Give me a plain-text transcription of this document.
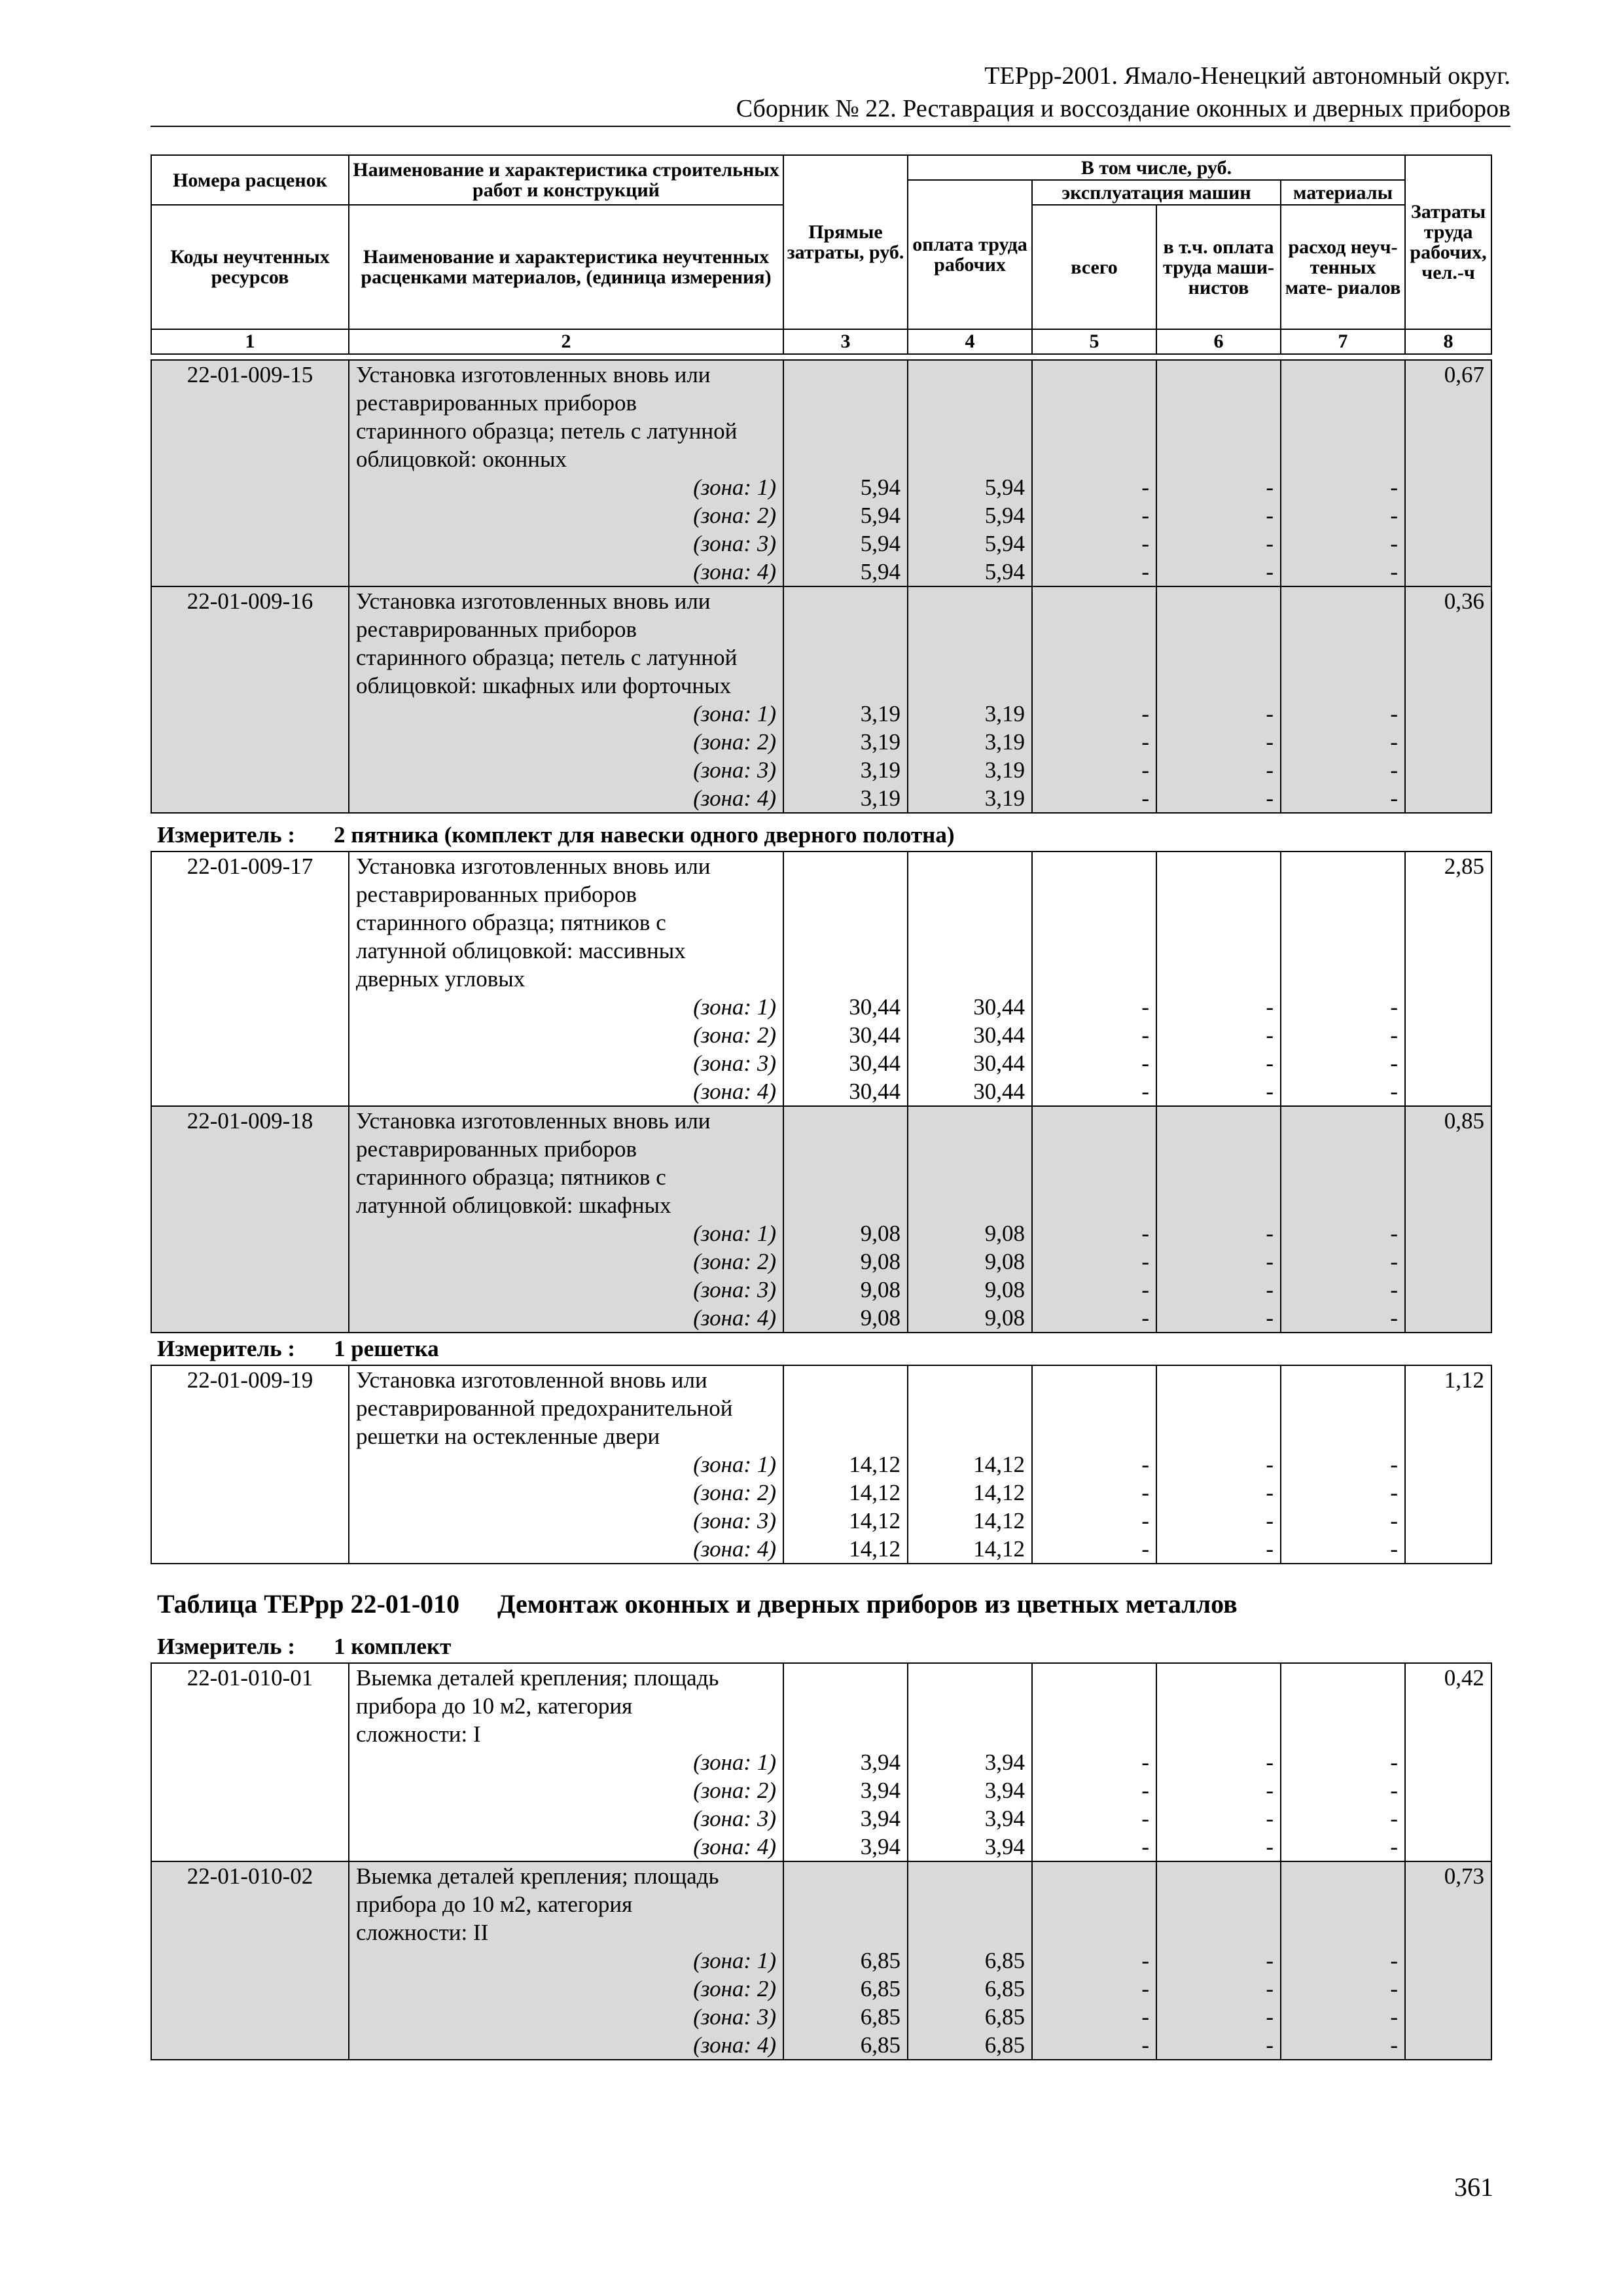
ТЕРрр-2001. Ямало-Ненецкий автономный округ.
Сборник № 22. Реставрация и воссоздание оконных и дверных приборов
Номера расценок	Наименование и характеристика строительных работ и конструкций	Прямые затраты, руб.	В том числе, руб.				Затраты труда рабочих, чел.-ч
			оплата труда рабочих	эксплуатация машин		материалы	
Коды неучтенных ресурсов	Наименование и характеристика неучтенных расценками материалов, (единица измерения)			всего	в т.ч. оплата труда маши- нистов	расход неуч- тенных мате- риалов	
1	2	3	4	5	6	7	8
22-01-009-15	Установка изготовленных вновь или						0,67
	реставрированных приборов						
	старинного образца; петель с латунной						
	облицовкой: оконных						
	(зона: 1)	5,94	5,94	-	-	-	
	(зона: 2)	5,94	5,94	-	-	-	
	(зона: 3)	5,94	5,94	-	-	-	
	(зона: 4)	5,94	5,94	-	-	-	
22-01-009-16	Установка изготовленных вновь или						0,36
	реставрированных приборов						
	старинного образца; петель с латунной						
	облицовкой: шкафных или форточных						
	(зона: 1)	3,19	3,19	-	-	-	
	(зона: 2)	3,19	3,19	-	-	-	
	(зона: 3)	3,19	3,19	-	-	-	
	(зона: 4)	3,19	3,19	-	-	-	
Измеритель : 2 пятника (комплект для навески одного дверного полотна)
22-01-009-17	Установка изготовленных вновь или						2,85
	реставрированных приборов						
	старинного образца; пятников с						
	латунной облицовкой: массивных						
	дверных угловых						
	(зона: 1)	30,44	30,44	-	-	-	
	(зона: 2)	30,44	30,44	-	-	-	
	(зона: 3)	30,44	30,44	-	-	-	
	(зона: 4)	30,44	30,44	-	-	-	
22-01-009-18	Установка изготовленных вновь или						0,85
	реставрированных приборов						
	старинного образца; пятников с						
	латунной облицовкой: шкафных						
	(зона: 1)	9,08	9,08	-	-	-	
	(зона: 2)	9,08	9,08	-	-	-	
	(зона: 3)	9,08	9,08	-	-	-	
	(зона: 4)	9,08	9,08	-	-	-	
Измеритель : 1 решетка
22-01-009-19	Установка изготовленной вновь или						1,12
	реставрированной предохранительной						
	решетки на остекленные двери						
	(зона: 1)	14,12	14,12	-	-	-	
	(зона: 2)	14,12	14,12	-	-	-	
	(зона: 3)	14,12	14,12	-	-	-	
	(зона: 4)	14,12	14,12	-	-	-	
Таблица ТЕРрр 22-01-010 Демонтаж оконных и дверных приборов из цветных металлов
Измеритель : 1 комплект
22-01-010-01	Выемка деталей крепления; площадь						0,42
	прибора до 10 м2, категория						
	сложности: I						
	(зона: 1)	3,94	3,94	-	-	-	
	(зона: 2)	3,94	3,94	-	-	-	
	(зона: 3)	3,94	3,94	-	-	-	
	(зона: 4)	3,94	3,94	-	-	-	
22-01-010-02	Выемка деталей крепления; площадь						0,73
	прибора до 10 м2, категория						
	сложности: II						
	(зона: 1)	6,85	6,85	-	-	-	
	(зона: 2)	6,85	6,85	-	-	-	
	(зона: 3)	6,85	6,85	-	-	-	
	(зона: 4)	6,85	6,85	-	-	-	
361
